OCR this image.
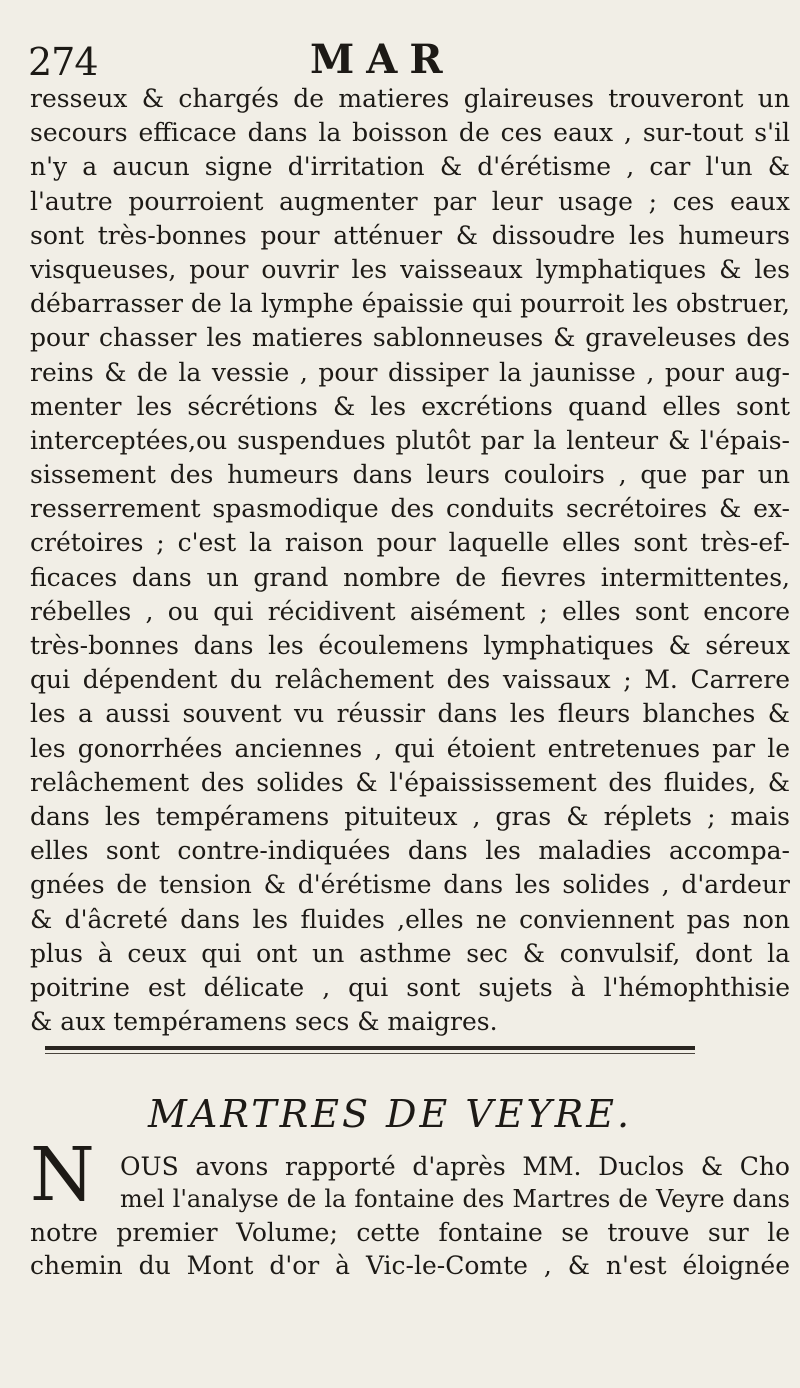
274	MAR
resseux & chargés de matieres glaireuses trouveront un
secours efficace dans la boisson de ces eaux , sur-tout s'il
n'y a aucun signe d'irritation & d'érétisme , car l'un &
l'autre pourroient augmenter par leur usage ; ces eaux
sont très-bonnes pour atténuer & dissoudre les humeurs
visqueuses, pour ouvrir les vaisseaux lymphatiques & les
débarrasser de la lymphe épaissie qui pourroit les obstruer,
pour chasser les matieres sablonneuses & graveleuses des
reins & de la vessie , pour dissiper la jaunisse , pour aug-
menter les sécrétions & les excrétions quand elles sont
interceptées,ou suspendues plutôt par la lenteur & l'épais-
sissement des humeurs dans leurs couloirs , que par un
resserrement spasmodique des conduits secrétoires & ex-
crétoires ; c'est la raison pour laquelle elles sont très-ef-
ficaces dans un grand nombre de fievres intermittentes,
rébelles , ou qui récidivent aisément ; elles sont encore
très-bonnes dans les écoulemens lymphatiques & séreux
qui dépendent du relâchement des vaissaux ; M. Carrere
les a aussi souvent vu réussir dans les fleurs blanches &
les gonorrhées anciennes , qui étoient entretenues par le
relâchement des solides & l'épaississement des fluides, &
dans les tempéramens pituiteux , gras & réplets ; mais
elles sont contre-indiquées dans les maladies accompa-
gnées de tension & d'érétisme dans les solides , d'ardeur
& d'âcreté dans les fluides ,elles ne conviennent pas non
plus à ceux qui ont un asthme sec & convulsif, dont la
poitrine est délicate , qui sont sujets à l'hémophthisie
& aux tempéramens secs & maigres.
MARTRES DE VEYRE.
N OUS avons rapporté d'après MM. Duclos & Cho
mel l'analyse de la fontaine des Martres de Veyre dans
notre premier Volume; cette fontaine se trouve sur le
chemin du Mont d'or à Vic-le-Comte , & n'est éloignée
